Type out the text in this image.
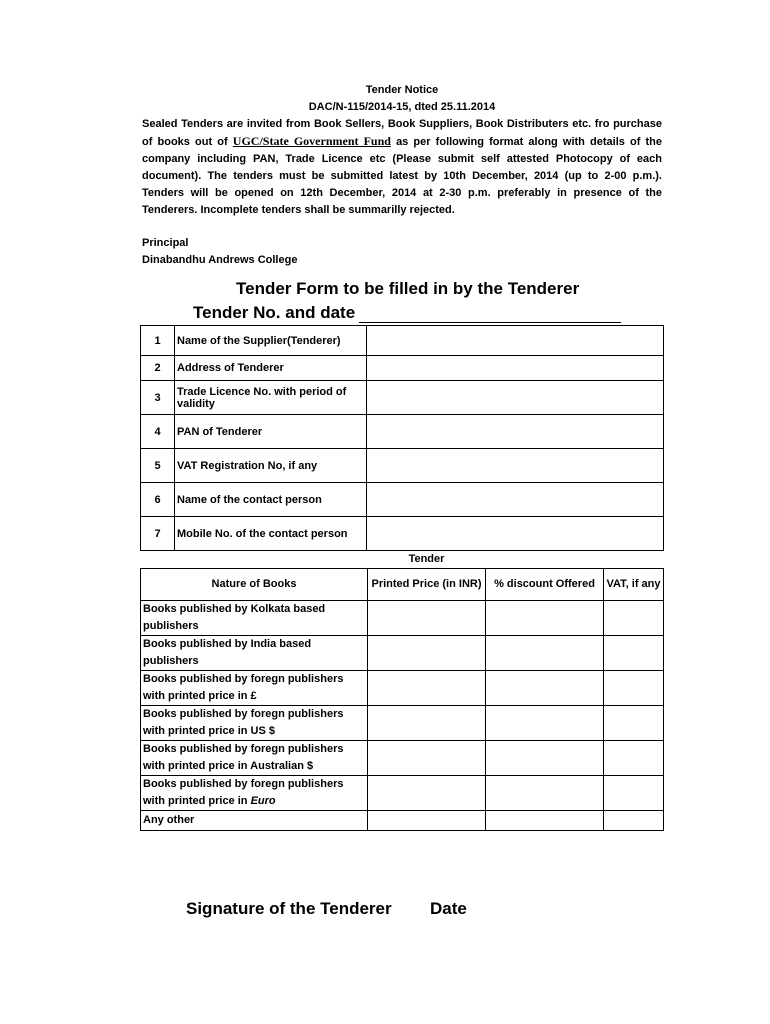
Tender Notice
DAC/N-115/2014-15, dted 25.11.2014
Sealed Tenders are invited from Book Sellers, Book Suppliers, Book Distributers etc. fro purchase of books out of UGC/State Government Fund as per following format along with details of the company including PAN, Trade Licence etc (Please submit self attested Photocopy of each document). The tenders must be submitted latest by 10th December, 2014 (up to 2-00 p.m.). Tenders will be opened on 12th December, 2014 at 2-30 p.m. preferably in presence of the Tenderers. Incomplete tenders shall be summarilly rejected.
Principal
Dinabandhu Andrews College
Tender Form to be filled in by the Tenderer
Tender No. and date
1	Name of the Supplier(Tenderer)	
2	Address of Tenderer	
3	Trade Licence No. with period of validity	
4	PAN of Tenderer	
5	VAT Registration No, if any	
6	Name of the contact person	
7	Mobile No. of the contact person	
	Tender		
Nature of Books	Printed Price (in INR)	% discount Offered	VAT, if any
Books published by Kolkata based publishers			
Books published by India based publishers			
Books published by foregn publishers with printed price in £			
Books published by foregn publishers with printed price in US $			
Books published by foregn publishers with printed price in Australian $			
Books published by foregn publishers with printed price in Euro			
Any other			
Signature of the Tenderer Date
